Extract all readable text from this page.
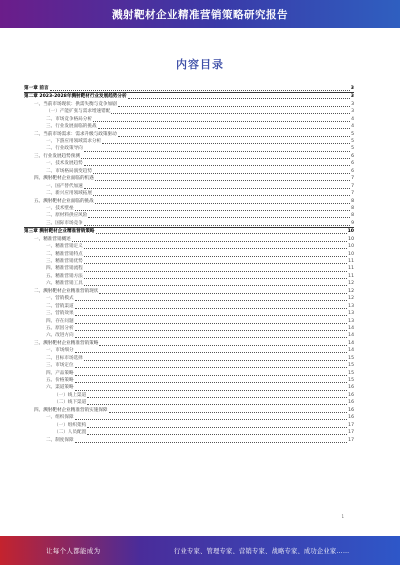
溅射靶材企业精准营销策略研究报告
内容目录
第一章 前言	3
第二章 2023-2028年溅射靶材行业发展趋势分析	3
一、当前市场现状：供需失衡与竞争加剧	3
（一）产能扩张与需求增速错配	3
二、市场竞争格局分析	4
三、行业发展面临的挑战	4
二、当前市场需求：需求升级与政策驱动	5
一、下游应用领域需求分析	5
二、行业政策导向	5
三、行业发展趋势预测	6
一、技术发展趋势	6
二、市场格局演变趋势	6
四、溅射靶材企业面临的机遇	7
一、国产替代加速	7
二、新兴应用领域拓展	7
五、溅射靶材企业面临的挑战	8
一、技术壁垒	8
二、原材料供应风险	8
三、国际市场竞争	9
第三章 溅射靶材企业精准营销策略	10
一、精准营销概述	10
一、精准营销定义	10
二、精准营销特点	10
三、精准营销优势	11
四、精准营销流程	11
五、精准营销方法	11
六、精准营销工具	12
二、溅射靶材企业精准营销现状	12
一、营销模式	12
二、营销渠道	13
三、营销效果	13
四、存在问题	13
五、原因分析	14
六、改进方向	14
三、溅射靶材企业精准营销策略	14
一、市场细分	14
二、目标市场选择	15
三、市场定位	15
四、产品策略	15
五、价格策略	15
六、渠道策略	16
（一）线上渠道	16
（二）线下渠道	16
四、溅射靶材企业精准营销实施保障	16
一、组织保障	16
（一）组织架构	17
（二）人员配置	17
二、制度保障	17
1
让每个人都能成为	行业专家、管理专家、营销专家、战略专家、成功企业家……
